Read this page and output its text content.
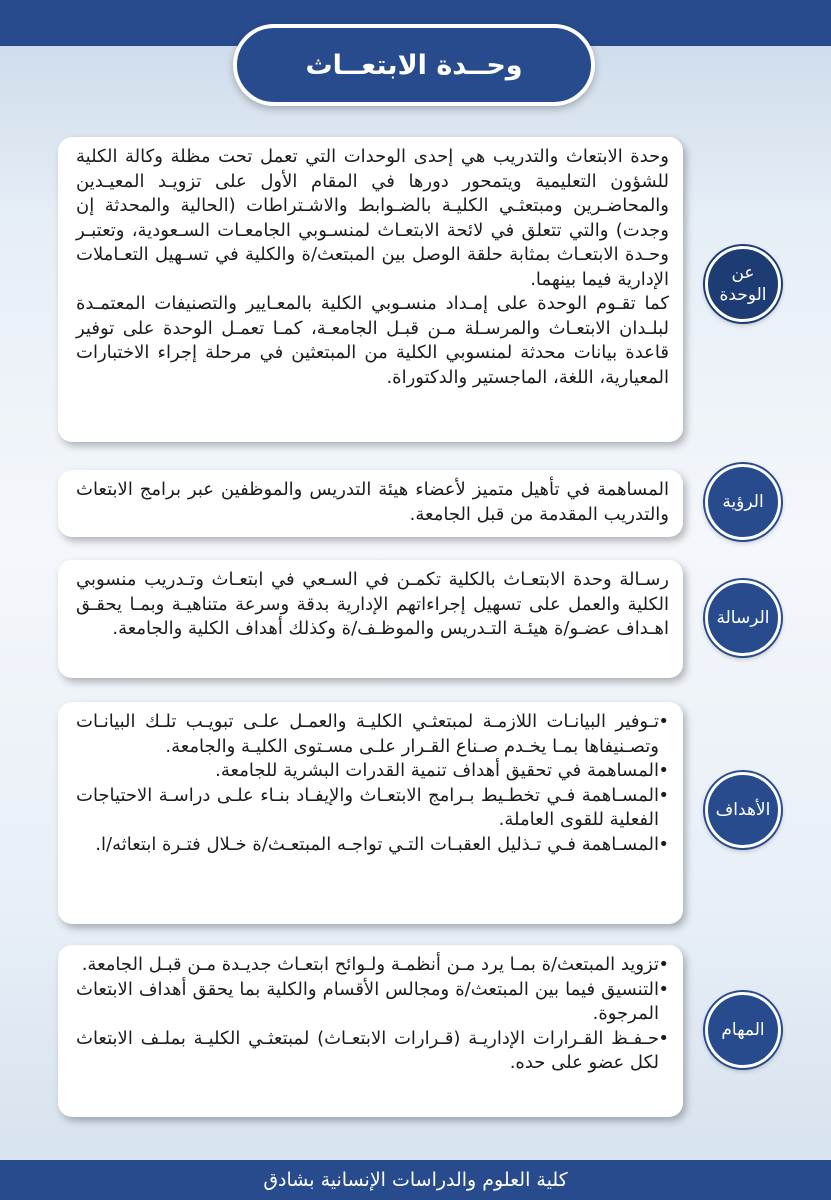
وحــدة الابتعــاث

وحدة الابتعاث والتدريب هي إحدى الوحدات التي تعمل تحت مظلة وكالة الكلية للشؤون التعليمية ويتمحور دورها في المقام الأول على تزويـد المعيـدين والمحاضـرين ومبتعثـي الكليـة بالضـوابط والاشـتراطات (الحالية والمحدثة إن وجدت) والتي تتعلق في لائحة الابتعـاث لمنسـوبي الجامعـات السـعودية، وتعتبـر وحـدة الابتعـاث بمثابة حلقة الوصل بين المبتعث/ة والكلية في تسـهيل التعـاملات الإدارية فيما بينهما.

كما تقـوم الوحدة على إمـداد منسـوبي الكلية بالمعـايير والتصنيفات المعتمـدة لبلـدان الابتعـاث والمرسـلة مـن قبـل الجامعـة، كمـا تعمـل الوحدة على توفير قاعدة بيانات محدثة لمنسوبي الكلية من المبتعثين في مرحلة إجراء الاختبارات المعيارية، اللغة، الماجستير والدكتوراة.

عن الوحدة

المساهمة في تأهيل متميز لأعضاء هيئة التدريس والموظفين عبر برامج الابتعاث والتدريب المقدمة من قبل الجامعة.

الرؤية

رسـالة وحدة الابتعـاث بالكلية تكمـن في السـعي في ابتعـاث وتـدريب منسوبي الكلية والعمل على تسهيل إجراءاتهم الإدارية بدقة وسرعة متناهيـة وبمـا يحقـق اهـداف عضـو/ة هيئـة التـدريس والموظـف/ة وكذلك أهداف الكلية والجامعة.	الرسالة
• تـوفير البيانـات اللازمـة لمبتعثـي الكليـة والعمـل علـى تبويـب تلـك البيانـات وتصـنيفاها بمـا يخـدم صـناع القـرار علـى مسـتوى الكليـة والجامعة.
• المساهمة في تحقيق أهداف تنمية القدرات البشرية للجامعة.
• المسـاهمة فـي تخطـيط بـرامج الابتعـاث والإيفـاد بنـاء علـى دراسـة الاحتياجات الفعلية للقوى العاملة.
• المسـاهمة فـي تـذليل العقبـات التـي تواجـه المبتعـث/ة خـلال فتـرة ابتعاثه/ا.
الأهداف
• تزويد المبتعث/ة بمـا يرد مـن أنظمـة ولـوائح ابتعـاث جديـدة مـن قبـل الجامعة.
• التنسيق فيما بين المبتعث/ة ومجالس الأقسام والكلية بما يحقق أهداف الابتعاث المرجوة.
• حـفـظ القـرارات الإداريـة (قـرارات الابتعـاث) لمبتعثـي الكليـة بملـف الابتعاث لكل عضو على حده.
المهام
كلية العلوم والدراسات الإنسانية بشادق
